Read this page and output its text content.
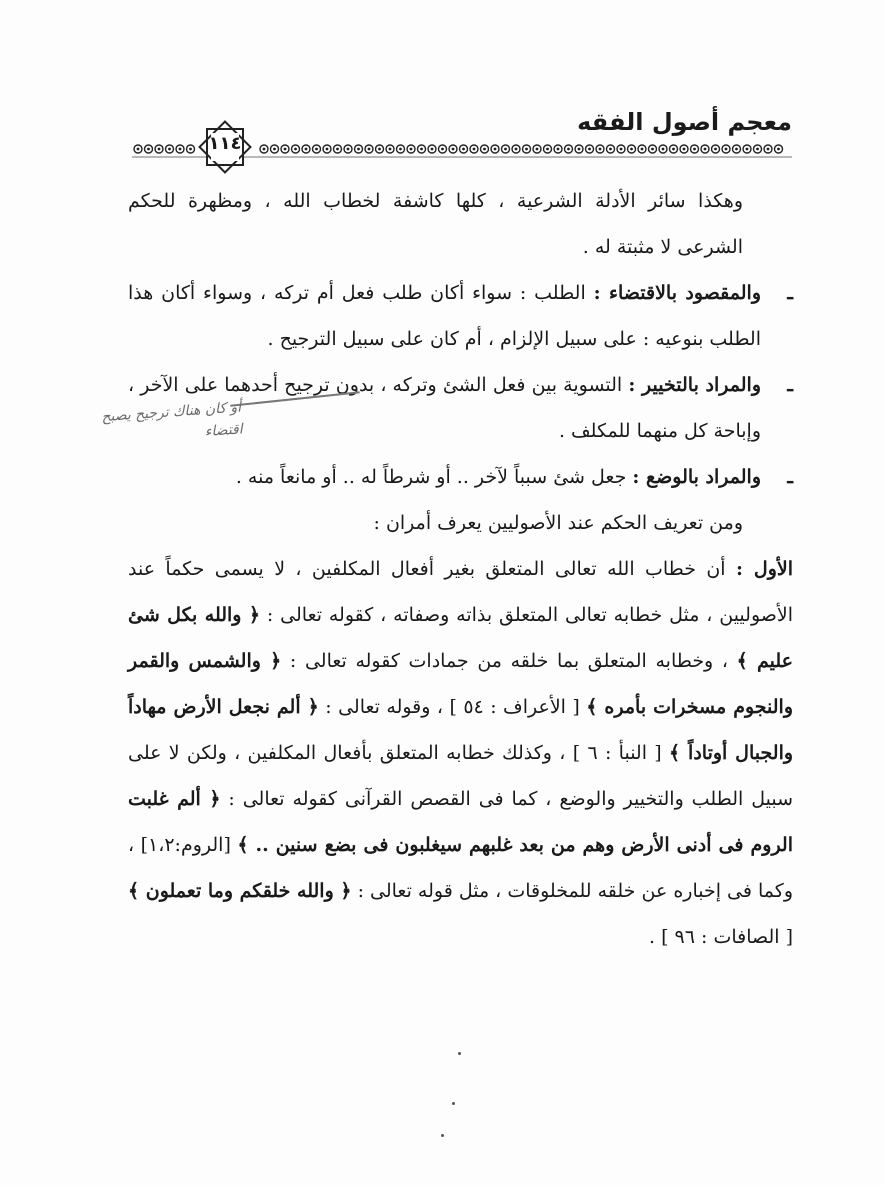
معجم أصول الفقه
١١٤

وهكذا سائر الأدلة الشرعية ، كلها كاشفة لخطاب الله ، ومظهرة للحكم الشرعى لا مثبتة له .

ـ
والمقصود بالاقتضاء : الطلب : سواء أكان طلب فعل أم تركه ، وسواء أكان هذا الطلب بنوعيه : على سبيل الإلزام ، أم كان على سبيل الترجيح .

ـ
والمراد بالتخيير : التسوية بين فعل الشئ وتركه ، بدون ترجيح أحدهما على الآخر ، وإباحة كل منهما للمكلف .

ـ
والمراد بالوضع : جعل شئ سبباً لآخر .. أو شرطاً له .. أو مانعاً منه .

ومن تعريف الحكم عند الأصوليين يعرف أمران :

الأول : أن خطاب الله تعالى المتعلق بغير أفعال المكلفين ، لا يسمى حكماً عند الأصوليين ، مثل خطابه تعالى المتعلق بذاته وصفاته ، كقوله تعالى : ﴿ والله بكل شئ عليم ﴾ ، وخطابه المتعلق بما خلقه من جمادات كقوله تعالى : ﴿ والشمس والقمر والنجوم مسخرات بأمره ﴾ [ الأعراف : ٥٤ ] ، وقوله تعالى : ﴿ ألم نجعل الأرض مهاداً والجبال أوتاداً ﴾ [ النبأ : ٦ ] ، وكذلك خطابه المتعلق بأفعال المكلفين ، ولكن لا على سبيل الطلب والتخيير والوضع ، كما فى القصص القرآنى كقوله تعالى : ﴿ ألم غلبت الروم فى أدنى الأرض وهم من بعد غلبهم سيغلبون فى بضع سنين .. ﴾ [الروم:١،٢] ، وكما فى إخباره عن خلقه للمخلوقات ، مثل قوله تعالى : ﴿ والله خلقكم وما تعملون ﴾ [ الصافات : ٩٦ ] .

أو كان هناك ترجيح يصبح
اقتضاء
